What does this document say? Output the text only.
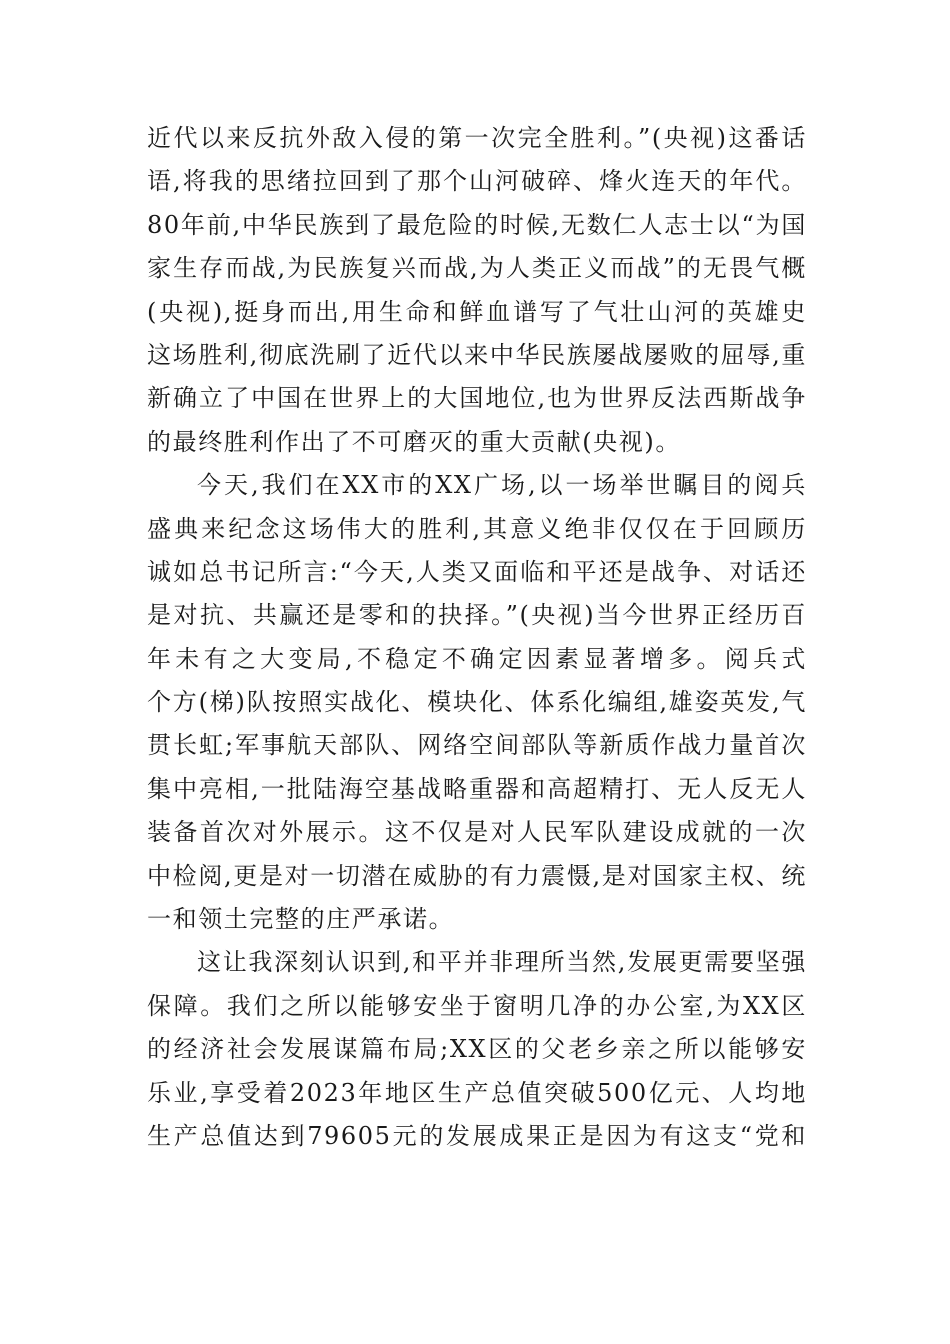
近代以来反抗外敌入侵的第一次完全胜利。”(央视)这番话
语,将我的思绪拉回到了那个山河破碎、烽火连天的年代。
80年前,中华民族到了最危险的时候,无数仁人志士以“为国
家生存而战,为民族复兴而战,为人类正义而战”的无畏气概
(央视),挺身而出,用生命和鲜血谱写了气壮山河的英雄史
这场胜利,彻底洗刷了近代以来中华民族屡战屡败的屈辱,重
新确立了中国在世界上的大国地位,也为世界反法西斯战争
的最终胜利作出了不可磨灭的重大贡献(央视)。
今天,我们在XX市的XX广场,以一场举世瞩目的阅兵
盛典来纪念这场伟大的胜利,其意义绝非仅仅在于回顾历
诚如总书记所言:“今天,人类又面临和平还是战争、对话还
是对抗、共赢还是零和的抉择。”(央视)当今世界正经历百
年未有之大变局,不稳定不确定因素显著增多。阅兵式
个方(梯)队按照实战化、模块化、体系化编组,雄姿英发,气
贯长虹;军事航天部队、网络空间部队等新质作战力量首次
集中亮相,一批陆海空基战略重器和高超精打、无人反无人
装备首次对外展示。这不仅是对人民军队建设成就的一次
中检阅,更是对一切潜在威胁的有力震慑,是对国家主权、统
一和领土完整的庄严承诺。
这让我深刻认识到,和平并非理所当然,发展更需要坚强
保障。我们之所以能够安坐于窗明几净的办公室,为XX区
的经济社会发展谋篇布局;XX区的父老乡亲之所以能够安
乐业,享受着2023年地区生产总值突破500亿元、人均地
生产总值达到79605元的发展成果正是因为有这支“党和
